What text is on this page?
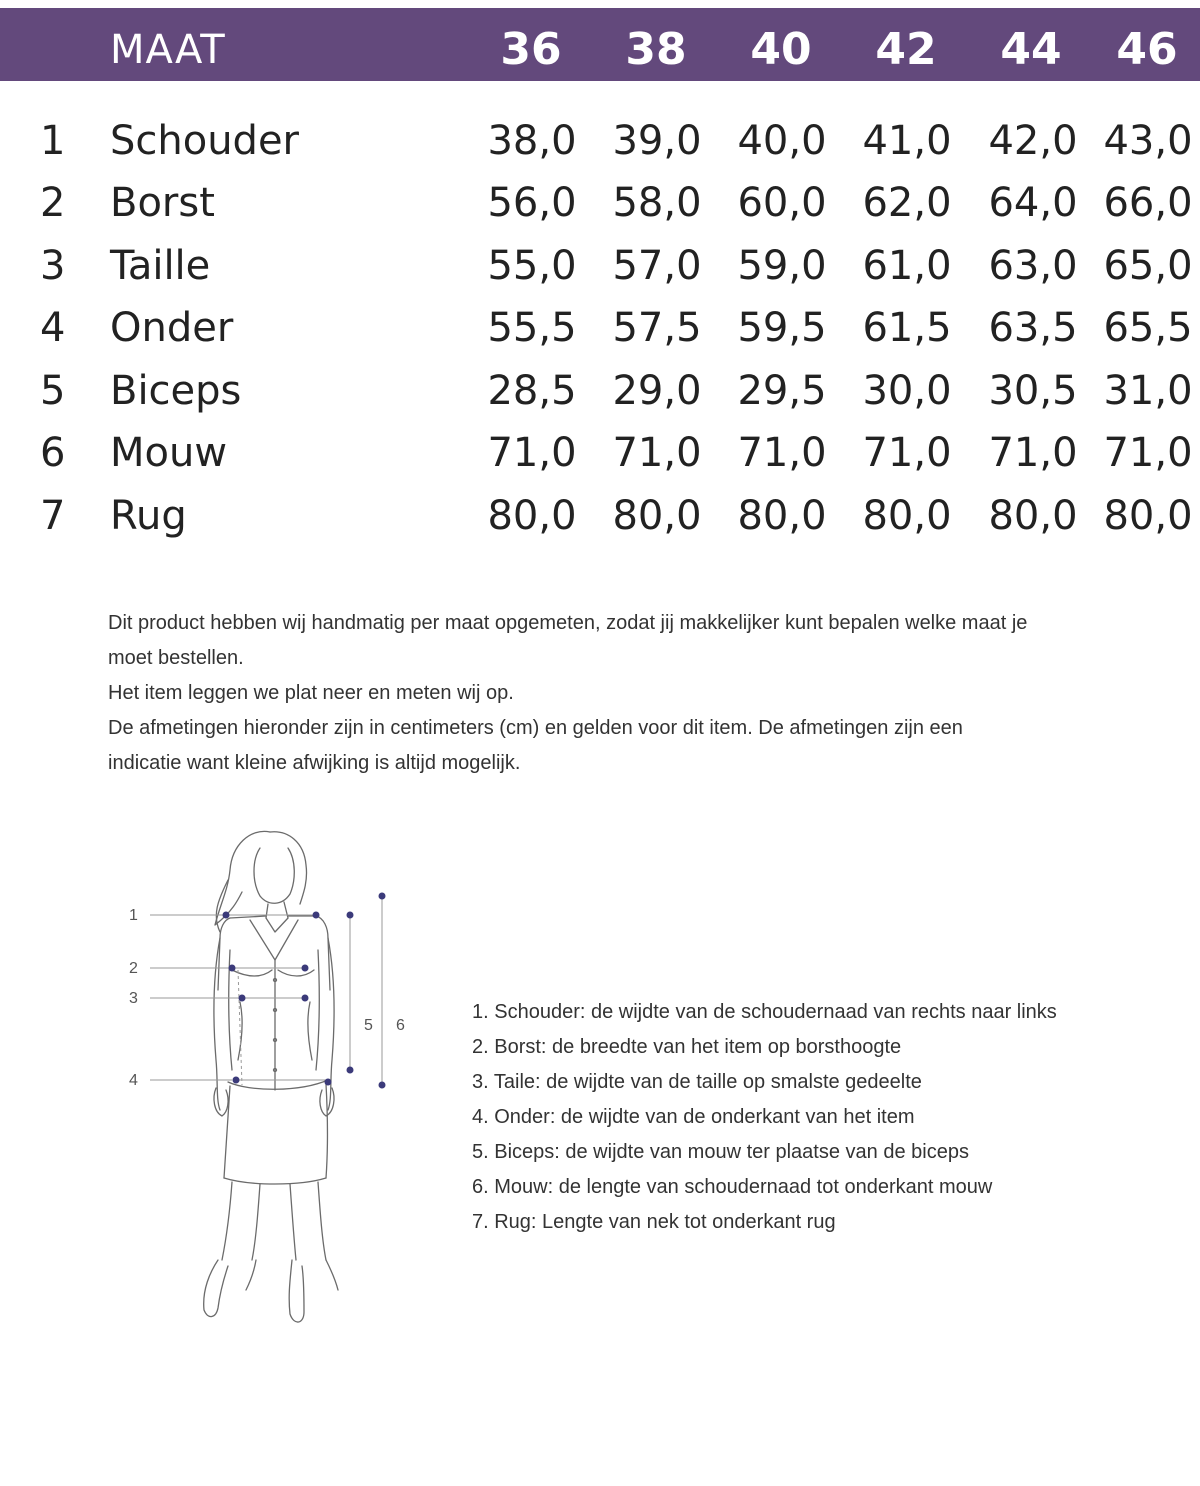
MAAT	36	38	40	42	44	46
1 Schouder	38,0 39,0 40,0 41,0 42,0 43,0
2 Borst	56,0 58,0 60,0 62,0 64,0 66,0
3 Taille	55,0 57,0 59,0 61,0 63,0 65,0
4 Onder	55,5 57,5 59,5 61,5 63,5 65,5
5 Biceps	28,5 29,0 29,5 30,0 30,5 31,0
6 Mouw	71,0 71,0 71,0 71,0 71,0 71,0
7 Rug	80,0 80,0 80,0 80,0 80,0 80,0

Dit product hebben wij handmatig per maat opgemeten, zodat jij makkelijker kunt bepalen welke maat je

moet bestellen.

Het item leggen we plat neer en meten wij op.

De afmetingen hieronder zijn in centimeters (cm) en gelden voor dit item. De afmetingen zijn een

indicatie want kleine afwijking is altijd mogelijk.

1
2
3
4
5 6

1. Schouder: de wijdte van de schoudernaad van rechts naar links

2. Borst: de breedte van het item op borsthoogte

3. Taile: de wijdte van de taille op smalste gedeelte

4. Onder: de wijdte van de onderkant van het item

5. Biceps: de wijdte van mouw ter plaatse van de biceps

6. Mouw: de lengte van schoudernaad tot onderkant mouw

7. Rug: Lengte van nek tot onderkant rug
